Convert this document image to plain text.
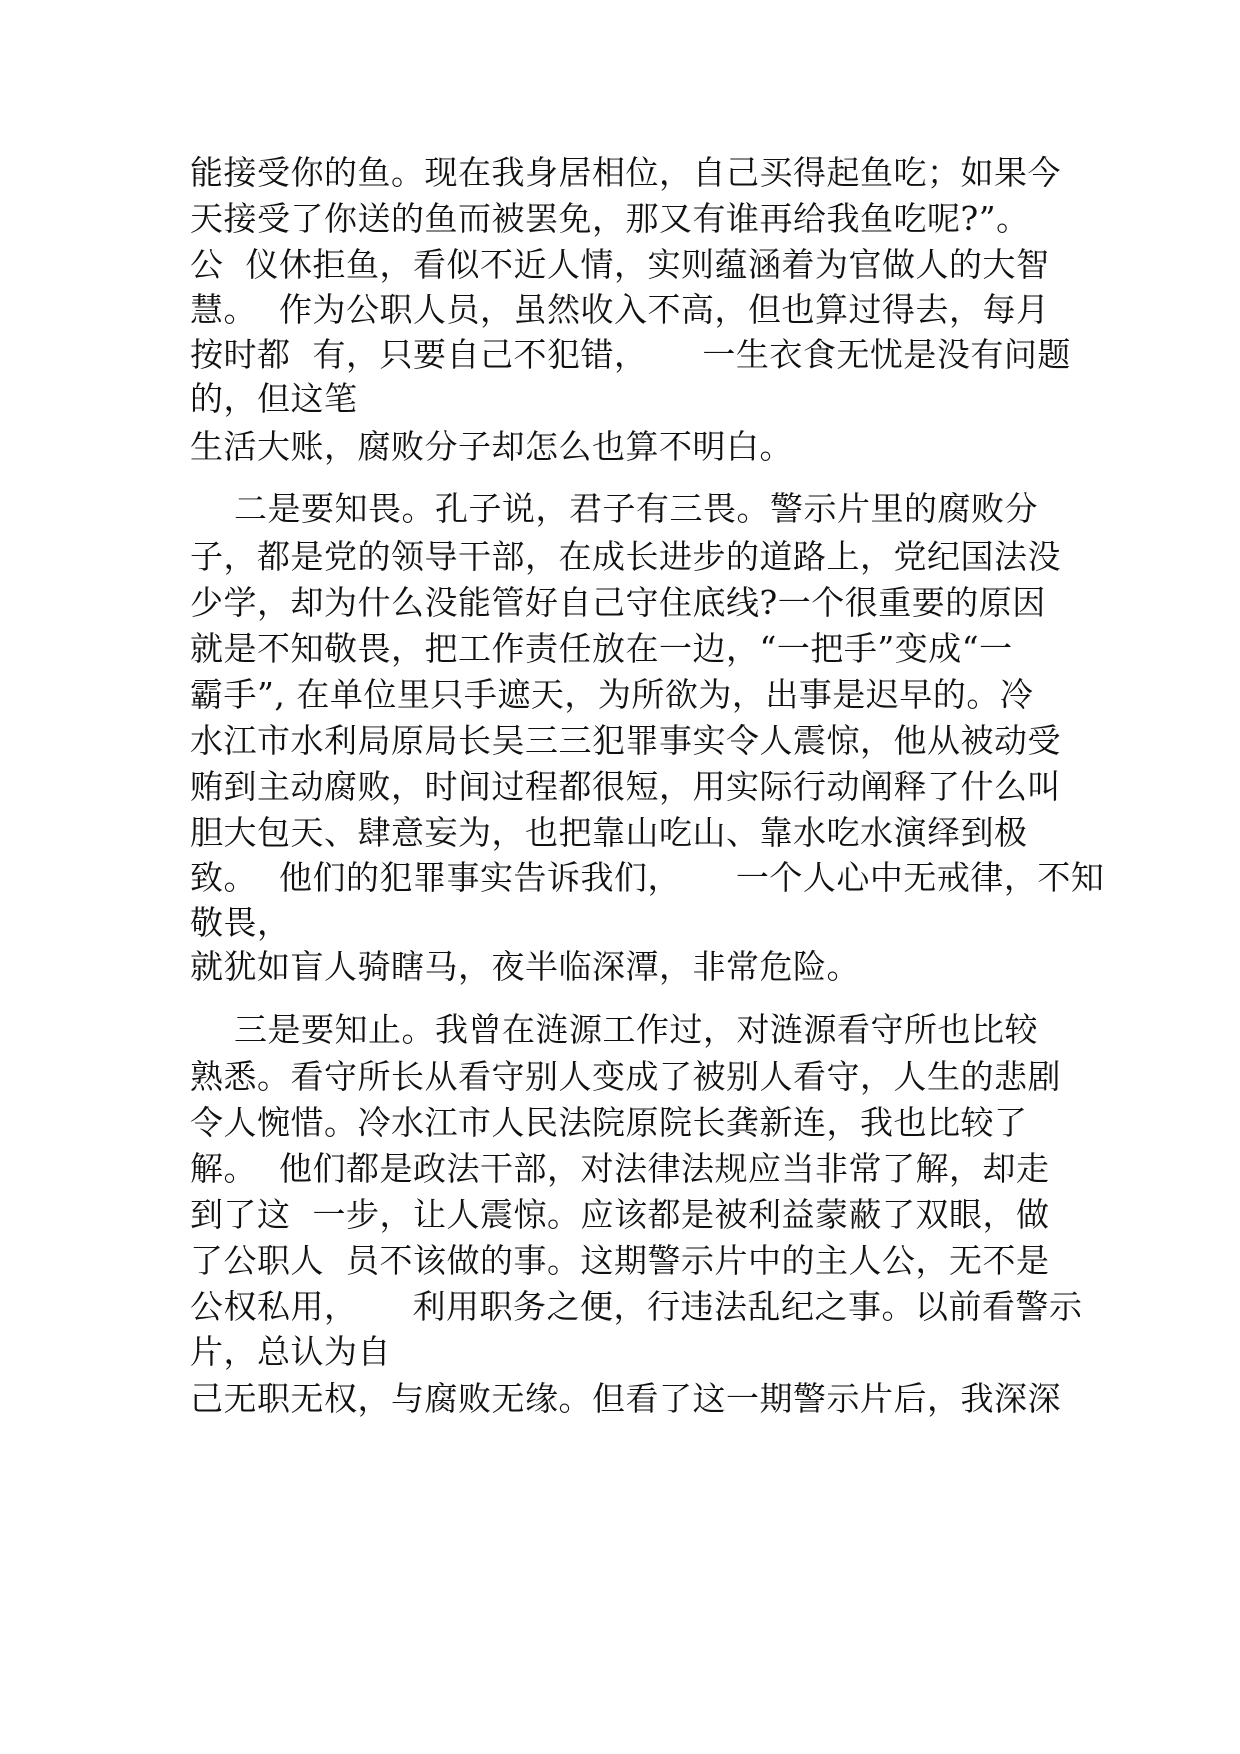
能接受你的鱼。现在我身居相位，自己买得起鱼吃；如果今
天接受了你送的鱼而被罢免，那又有谁再给我鱼吃呢?”。
公  仪休拒鱼，看似不近人情，实则蕴涵着为官做人的大智
慧。  作为公职人员，虽然收入不高，但也算过得去，每月
按时都  有，只要自己不犯错，     一生衣食无忧是没有问题
的，但这笔
生活大账，腐败分子却怎么也算不明白。
二是要知畏。孔子说，君子有三畏。警示片里的腐败分
子，都是党的领导干部，在成长进步的道路上，党纪国法没
少学，却为什么没能管好自己守住底线?一个很重要的原因
就是不知敬畏，把工作责任放在一边，“一把手”变成“一
霸手”, 在单位里只手遮天，为所欲为，出事是迟早的。冷
水江市水利局原局长吴三三犯罪事实令人震惊，他从被动受
贿到主动腐败，时间过程都很短，用实际行动阐释了什么叫
胆大包天、肆意妄为，也把靠山吃山、靠水吃水演绎到极
致。  他们的犯罪事实告诉我们，     一个人心中无戒律，不知
敬畏，
就犹如盲人骑瞎马，夜半临深潭，非常危险。
三是要知止。我曾在涟源工作过，对涟源看守所也比较
熟悉。看守所长从看守别人变成了被别人看守，人生的悲剧
令人惋惜。冷水江市人民法院原院长龚新连，我也比较了
解。  他们都是政法干部，对法律法规应当非常了解，却走
到了这  一步，让人震惊。应该都是被利益蒙蔽了双眼，做
了公职人  员不该做的事。这期警示片中的主人公，无不是
公权私用，     利用职务之便，行违法乱纪之事。以前看警示
片，总认为自
己无职无权，与腐败无缘。但看了这一期警示片后，我深深
